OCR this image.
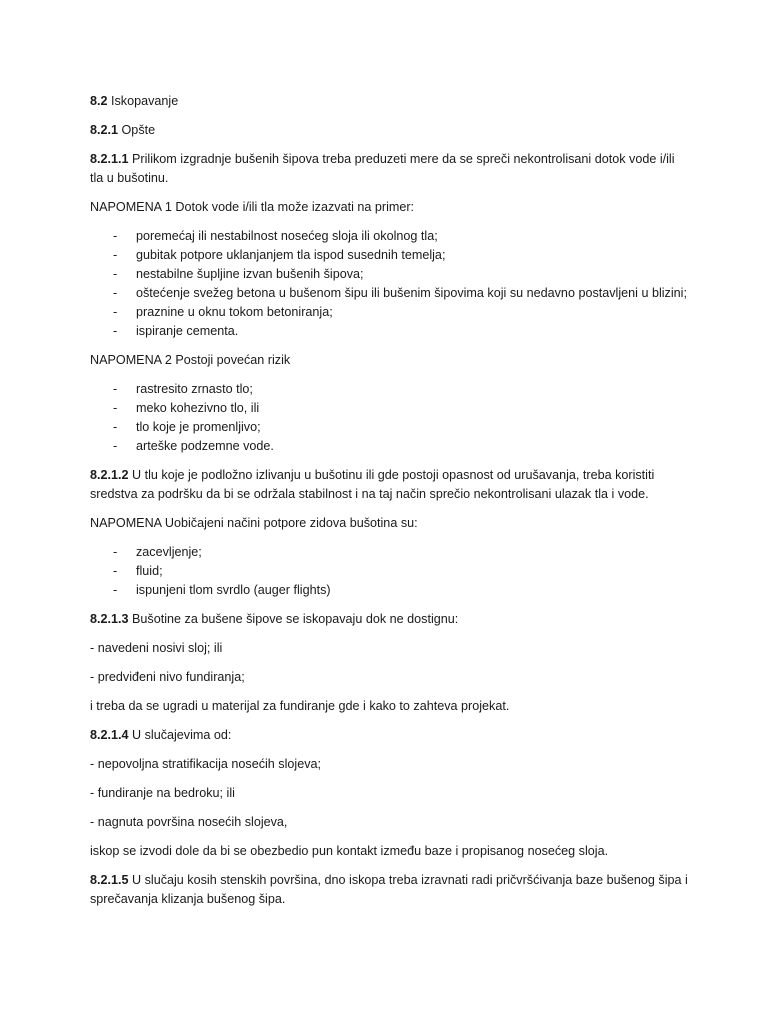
8.2 Iskopavanje

8.2.1 Opšte

8.2.1.1 Prilikom izgradnje bušenih šipova treba preduzeti mere da se spreči nekontrolisani dotok vode i/ili tla u bušotinu.

NAPOMENA 1 Dotok vode i/ili tla može izazvati na primer:

- poremećaj ili nestabilnost nosećeg sloja ili okolnog tla;
- gubitak potpore uklanjanjem tla ispod susednih temelja;
- nestabilne šupljine izvan bušenih šipova;
- oštećenje svežeg betona u bušenom šipu ili bušenim šipovima koji su nedavno postavljeni u blizini;
- praznine u oknu tokom betoniranja;
- ispiranje cementa.

NAPOMENA 2 Postoji povećan rizik

- rastresito zrnasto tlo;
- meko kohezivno tlo, ili
- tlo koje je promenljivo;
- arteške podzemne vode.

8.2.1.2 U tlu koje je podložno izlivanju u bušotinu ili gde postoji opasnost od urušavanja, treba koristiti sredstva za podršku da bi se održala stabilnost i na taj način sprečio nekontrolisani ulazak tla i vode.

NAPOMENA Uobičajeni načini potpore zidova bušotina su:

- zacevljenje;
- fluid;
- ispunjeni tlom svrdlo (auger flights)

8.2.1.3 Bušotine za bušene šipove se iskopavaju dok ne dostignu:

- navedeni nosivi sloj; ili

- predviđeni nivo fundiranja;

i treba da se ugradi u materijal za fundiranje gde i kako to zahteva projekat.

8.2.1.4 U slučajevima od:

- nepovoljna stratifikacija nosećih slojeva;

- fundiranje na bedroku; ili

- nagnuta površina nosećih slojeva,

iskop se izvodi dole da bi se obezbedio pun kontakt između baze i propisanog nosećeg sloja.

8.2.1.5 U slučaju kosih stenskih površina, dno iskopa treba izravnati radi pričvršćivanja baze bušenog šipa i sprečavanja klizanja bušenog šipa.
